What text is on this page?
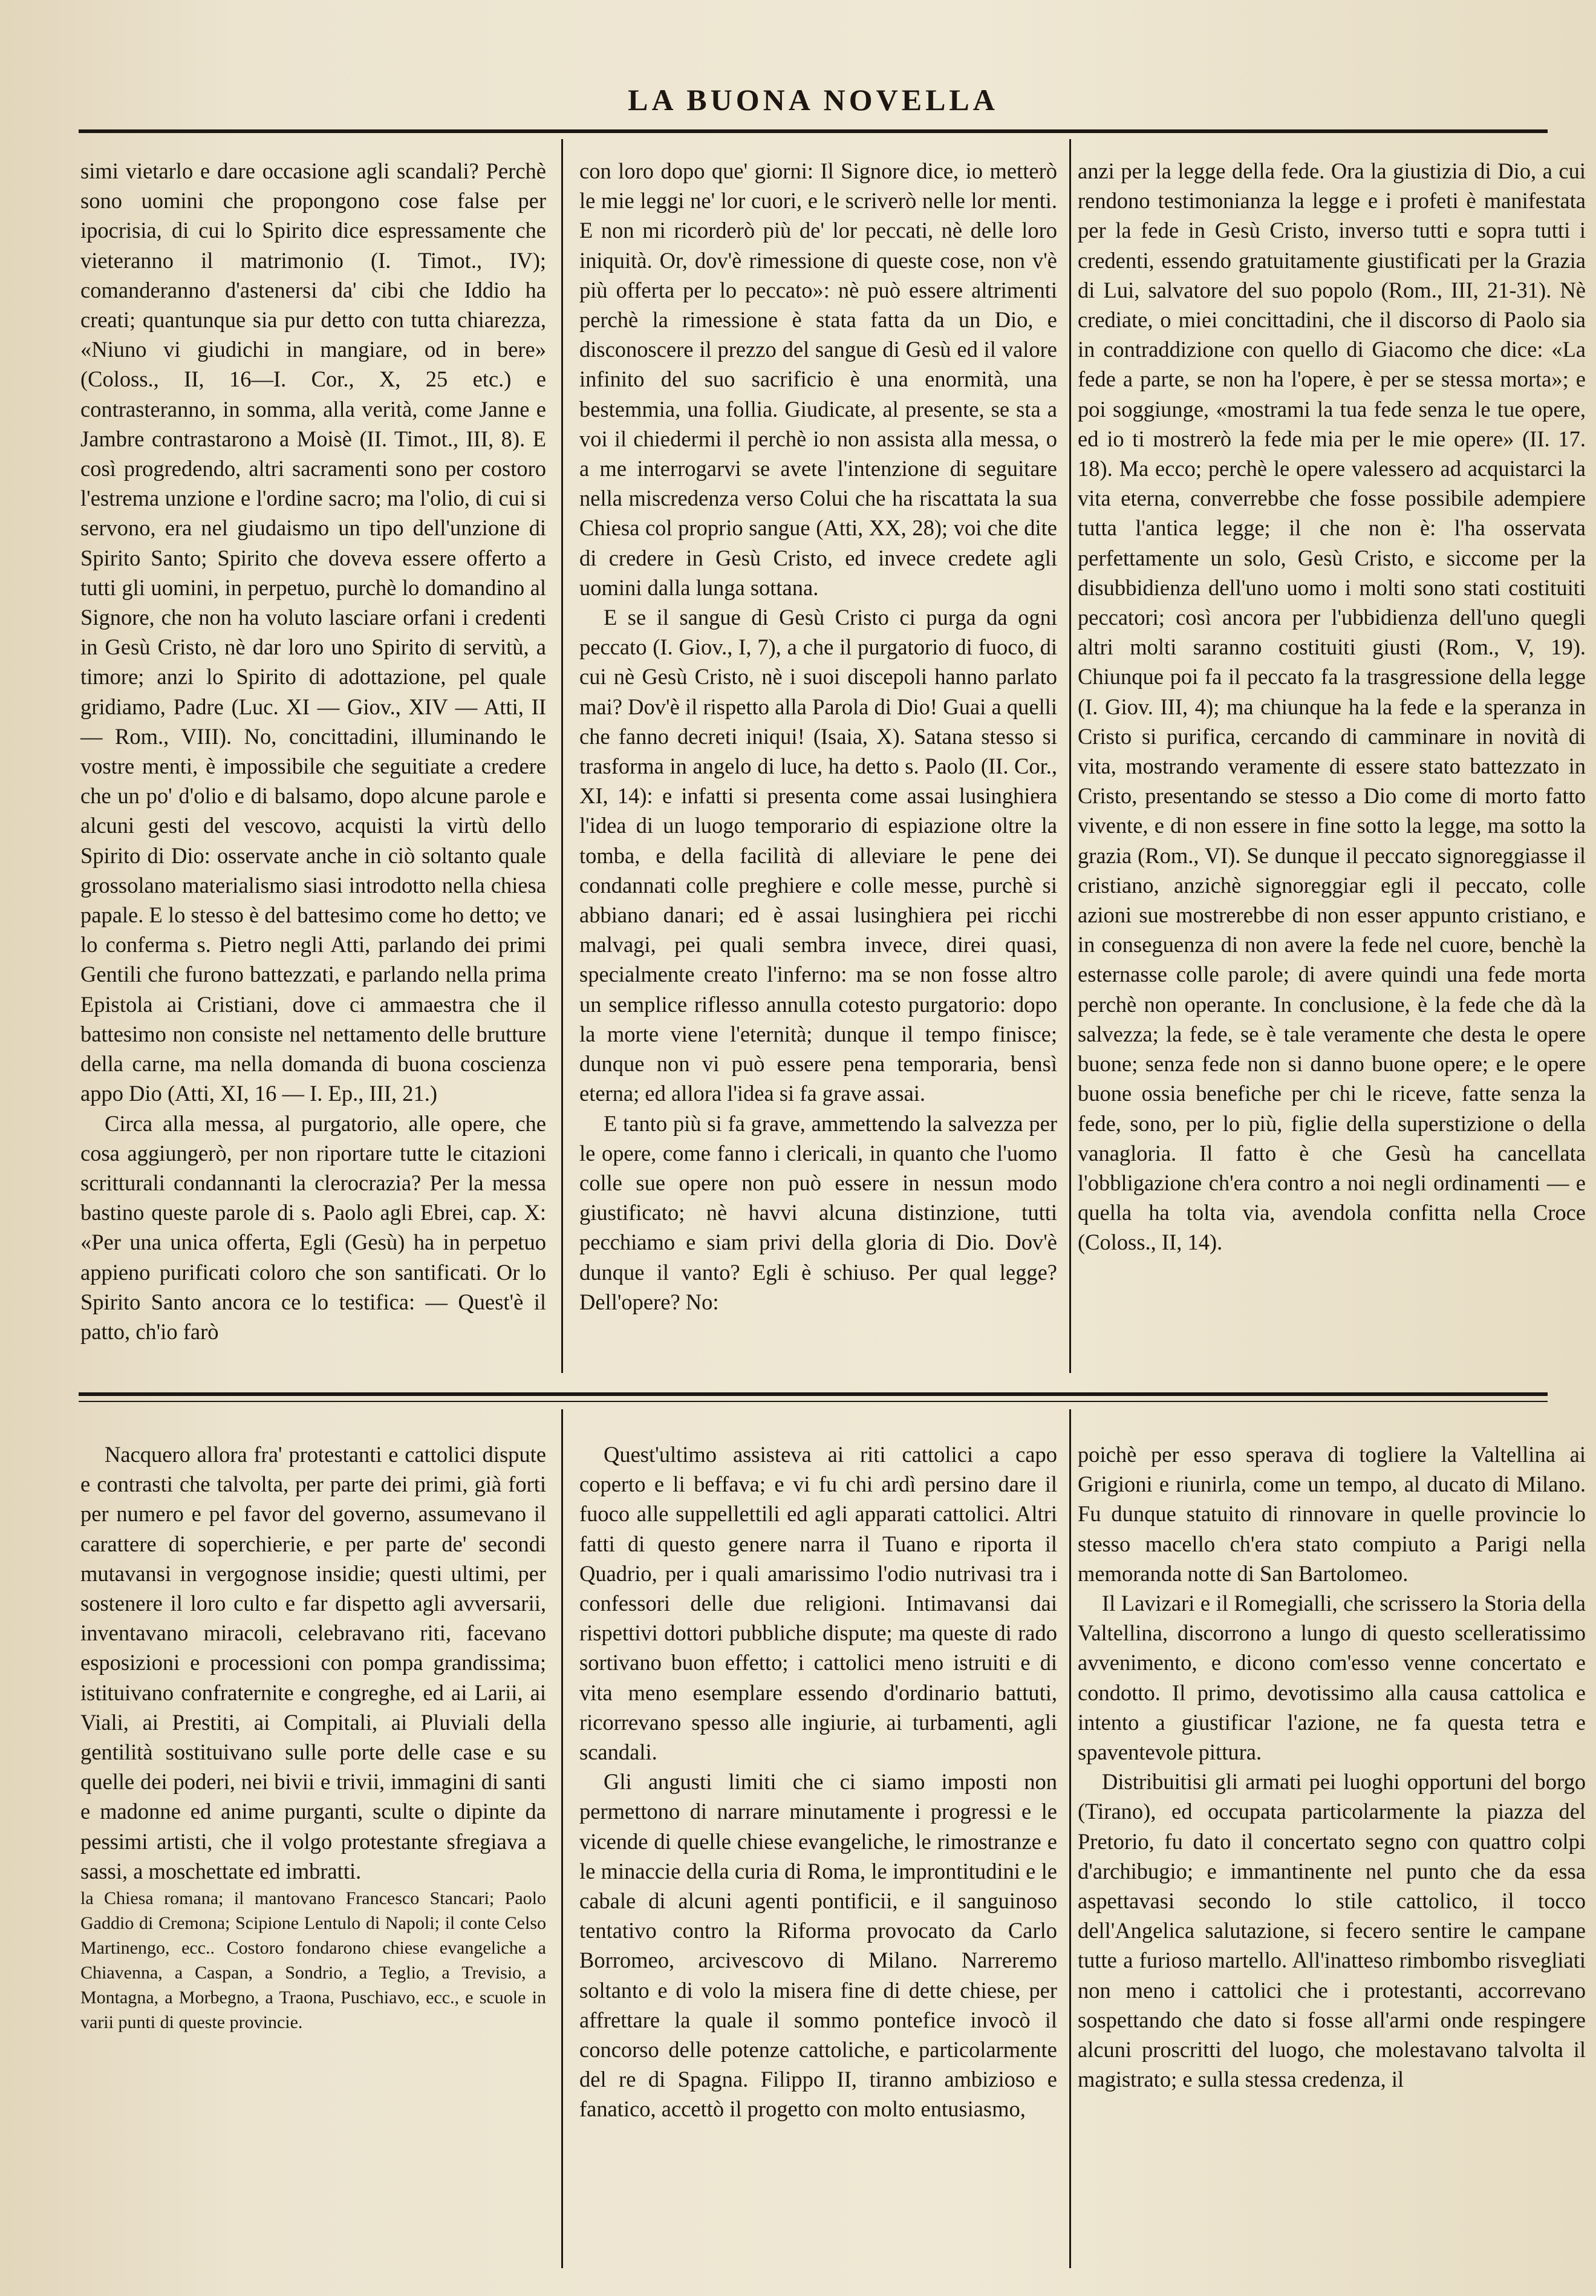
LA BUONA NOVELLA

simi vietarlo e dare occasione agli scandali? Perchè sono uomini che propongono cose false per ipocrisia, di cui lo Spirito dice espressamente che vieteranno il matrimonio (I. Timot., IV); comanderanno d'astenersi da' cibi che Iddio ha creati; quantunque sia pur detto con tutta chiarezza, «Niuno vi giudichi in mangiare, od in bere» (Coloss., II, 16—I. Cor., X, 25 etc.) e contrasteranno, in somma, alla verità, come Janne e Jambre contrastarono a Moisè (II. Timot., III, 8). E così progredendo, altri sacramenti sono per costoro l'estrema unzione e l'ordine sacro; ma l'olio, di cui si servono, era nel giudaismo un tipo dell'unzione di Spirito Santo; Spirito che doveva essere offerto a tutti gli uomini, in perpetuo, purchè lo domandino al Signore, che non ha voluto lasciare orfani i credenti in Gesù Cristo, nè dar loro uno Spirito di servitù, a timore; anzi lo Spirito di adottazione, pel quale gridiamo, Padre (Luc. XI — Giov., XIV — Atti, II — Rom., VIII). No, concittadini, illuminando le vostre menti, è impossibile che seguitiate a credere che un po' d'olio e di balsamo, dopo alcune parole e alcuni gesti del vescovo, acquisti la virtù dello Spirito di Dio: osservate anche in ciò soltanto quale grossolano materialismo siasi introdotto nella chiesa papale. E lo stesso è del battesimo come ho detto; ve lo conferma s. Pietro negli Atti, parlando dei primi Gentili che furono battezzati, e parlando nella prima Epistola ai Cristiani, dove ci ammaestra che il battesimo non consiste nel nettamento delle brutture della carne, ma nella domanda di buona coscienza appo Dio (Atti, XI, 16 — I. Ep., III, 21.)

Circa alla messa, al purgatorio, alle opere, che cosa aggiungerò, per non riportare tutte le citazioni scritturali condannanti la clerocrazia? Per la messa bastino queste parole di s. Paolo agli Ebrei, cap. X: «Per una unica offerta, Egli (Gesù) ha in perpetuo appieno purificati coloro che son santificati. Or lo Spirito Santo ancora ce lo testifica: — Quest'è il patto, ch'io farò

con loro dopo que' giorni: Il Signore dice, io metterò le mie leggi ne' lor cuori, e le scriverò nelle lor menti. E non mi ricorderò più de' lor peccati, nè delle loro iniquità. Or, dov'è rimessione di queste cose, non v'è più offerta per lo peccato»: nè può essere altrimenti perchè la rimessione è stata fatta da un Dio, e disconoscere il prezzo del sangue di Gesù ed il valore infinito del suo sacrificio è una enormità, una bestemmia, una follia. Giudicate, al presente, se sta a voi il chiedermi il perchè io non assista alla messa, o a me interrogarvi se avete l'intenzione di seguitare nella miscredenza verso Colui che ha riscattata la sua Chiesa col proprio sangue (Atti, XX, 28); voi che dite di credere in Gesù Cristo, ed invece credete agli uomini dalla lunga sottana.

E se il sangue di Gesù Cristo ci purga da ogni peccato (I. Giov., I, 7), a che il purgatorio di fuoco, di cui nè Gesù Cristo, nè i suoi discepoli hanno parlato mai? Dov'è il rispetto alla Parola di Dio! Guai a quelli che fanno decreti iniqui! (Isaia, X). Satana stesso si trasforma in angelo di luce, ha detto s. Paolo (II. Cor., XI, 14): e infatti si presenta come assai lusinghiera l'idea di un luogo temporario di espiazione oltre la tomba, e della facilità di alleviare le pene dei condannati colle preghiere e colle messe, purchè si abbiano danari; ed è assai lusinghiera pei ricchi malvagi, pei quali sembra invece, direi quasi, specialmente creato l'inferno: ma se non fosse altro un semplice riflesso annulla cotesto purgatorio: dopo la morte viene l'eternità; dunque il tempo finisce; dunque non vi può essere pena temporaria, bensì eterna; ed allora l'idea si fa grave assai.

E tanto più si fa grave, ammettendo la salvezza per le opere, come fanno i clericali, in quanto che l'uomo colle sue opere non può essere in nessun modo giustificato; nè havvi alcuna distinzione, tutti pecchiamo e siam privi della gloria di Dio. Dov'è dunque il vanto? Egli è schiuso. Per qual legge? Dell'opere? No:

anzi per la legge della fede. Ora la giustizia di Dio, a cui rendono testimonianza la legge e i profeti è manifestata per la fede in Gesù Cristo, inverso tutti e sopra tutti i credenti, essendo gratuitamente giustificati per la Grazia di Lui, salvatore del suo popolo (Rom., III, 21-31). Nè crediate, o miei concittadini, che il discorso di Paolo sia in contraddizione con quello di Giacomo che dice: «La fede a parte, se non ha l'opere, è per se stessa morta»; e poi soggiunge, «mostrami la tua fede senza le tue opere, ed io ti mostrerò la fede mia per le mie opere» (II. 17. 18). Ma ecco; perchè le opere valessero ad acquistarci la vita eterna, converrebbe che fosse possibile adempiere tutta l'antica legge; il che non è: l'ha osservata perfettamente un solo, Gesù Cristo, e siccome per la disubbidienza dell'uno uomo i molti sono stati costituiti peccatori; così ancora per l'ubbidienza dell'uno quegli altri molti saranno costituiti giusti (Rom., V, 19). Chiunque poi fa il peccato fa la trasgressione della legge (I. Giov. III, 4); ma chiunque ha la fede e la speranza in Cristo si purifica, cercando di camminare in novità di vita, mostrando veramente di essere stato battezzato in Cristo, presentando se stesso a Dio come di morto fatto vivente, e di non essere in fine sotto la legge, ma sotto la grazia (Rom., VI). Se dunque il peccato signoreggiasse il cristiano, anzichè signoreggiar egli il peccato, colle azioni sue mostrerebbe di non esser appunto cristiano, e in conseguenza di non avere la fede nel cuore, benchè la esternasse colle parole; di avere quindi una fede morta perchè non operante. In conclusione, è la fede che dà la salvezza; la fede, se è tale veramente che desta le opere buone; senza fede non si danno buone opere; e le opere buone ossia benefiche per chi le riceve, fatte senza la fede, sono, per lo più, figlie della superstizione o della vanagloria. Il fatto è che Gesù ha cancellata l'obbligazione ch'era contro a noi negli ordinamenti — e quella ha tolta via, avendola confitta nella Croce (Coloss., II, 14).

Nacquero allora fra' protestanti e cattolici dispute e contrasti che talvolta, per parte dei primi, già forti per numero e pel favor del governo, assumevano il carattere di soperchierie, e per parte de' secondi mutavansi in vergognose insidie; questi ultimi, per sostenere il loro culto e far dispetto agli avversarii, inventavano miracoli, celebravano riti, facevano esposizioni e processioni con pompa grandissima; istituivano confraternite e congreghe, ed ai Larii, ai Viali, ai Prestiti, ai Compitali, ai Pluviali della gentilità sostituivano sulle porte delle case e su quelle dei poderi, nei bivii e trivii, immagini di santi e madonne ed anime purganti, sculte o dipinte da pessimi artisti, che il volgo protestante sfregiava a sassi, a moschettate ed imbratti.

la Chiesa romana; il mantovano Francesco Stancari; Paolo Gaddio di Cremona; Scipione Lentulo di Napoli; il conte Celso Martinengo, ecc.. Costoro fondarono chiese evangeliche a Chiavenna, a Caspan, a Sondrio, a Teglio, a Trevisio, a Montagna, a Morbegno, a Traona, Puschiavo, ecc., e scuole in varii punti di queste provincie.

Quest'ultimo assisteva ai riti cattolici a capo coperto e li beffava; e vi fu chi ardì persino dare il fuoco alle suppellettili ed agli apparati cattolici. Altri fatti di questo genere narra il Tuano e riporta il Quadrio, per i quali amarissimo l'odio nutrivasi tra i confessori delle due religioni. Intimavansi dai rispettivi dottori pubbliche dispute; ma queste di rado sortivano buon effetto; i cattolici meno istruiti e di vita meno esemplare essendo d'ordinario battuti, ricorrevano spesso alle ingiurie, ai turbamenti, agli scandali.

Gli angusti limiti che ci siamo imposti non permettono di narrare minutamente i progressi e le vicende di quelle chiese evangeliche, le rimostranze e le minaccie della curia di Roma, le improntitudini e le cabale di alcuni agenti pontificii, e il sanguinoso tentativo contro la Riforma provocato da Carlo Borromeo, arcivescovo di Milano. Narreremo soltanto e di volo la misera fine di dette chiese, per affrettare la quale il sommo pontefice invocò il concorso delle potenze cattoliche, e particolarmente del re di Spagna. Filippo II, tiranno ambizioso e fanatico, accettò il progetto con molto entusiasmo,

poichè per esso sperava di togliere la Valtellina ai Grigioni e riunirla, come un tempo, al ducato di Milano. Fu dunque statuito di rinnovare in quelle provincie lo stesso macello ch'era stato compiuto a Parigi nella memoranda notte di San Bartolomeo.

Il Lavizari e il Romegialli, che scrissero la Storia della Valtellina, discorrono a lungo di questo scelleratissimo avvenimento, e dicono com'esso venne concertato e condotto. Il primo, devotissimo alla causa cattolica e intento a giustificar l'azione, ne fa questa tetra e spaventevole pittura.

Distribuitisi gli armati pei luoghi opportuni del borgo (Tirano), ed occupata particolarmente la piazza del Pretorio, fu dato il concertato segno con quattro colpi d'archibugio; e immantinente nel punto che da essa aspettavasi secondo lo stile cattolico, il tocco dell'Angelica salutazione, si fecero sentire le campane tutte a furioso martello. All'inatteso rimbombo risvegliati non meno i cattolici che i protestanti, accorrevano sospettando che dato si fosse all'armi onde respingere alcuni proscritti del luogo, che molestavano talvolta il magistrato; e sulla stessa credenza, il
